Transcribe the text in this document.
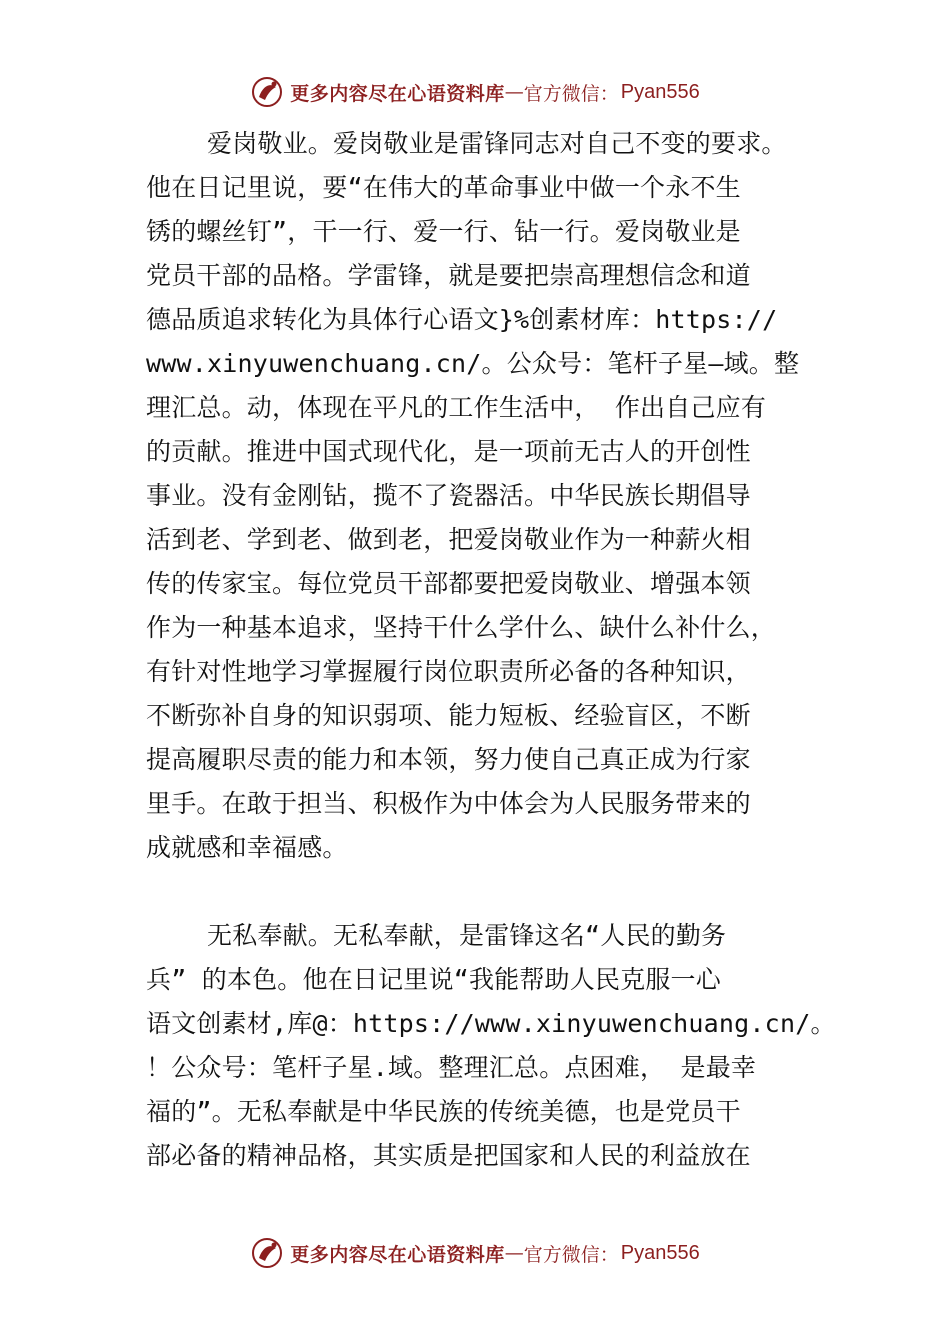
更多内容尽在心语资料库 — 官方微信： Pyan556
爱岗敬业。爱岗敬业是雷锋同志对自己不变的要求。
他在日记里说，要“在伟大的革命事业中做一个永不生
锈的螺丝钉”，干一行、爱一行、钻一行。爱岗敬业是
党员干部的品格。学雷锋，就是要把崇高理想信念和道
德品质追求转化为具体行心语文}%创素材库：https://
www.xinyuwenchuang.cn/。公众号：笔杆子星—域。整
理汇总。动，体现在平凡的工作生活中， 作出自己应有
的贡献。推进中国式现代化，是一项前无古人的开创性
事业。没有金刚钻，揽不了瓷器活。中华民族长期倡导
活到老、学到老、做到老，把爱岗敬业作为一种薪火相
传的传家宝。每位党员干部都要把爱岗敬业、增强本领
作为一种基本追求，坚持干什么学什么、缺什么补什么，
有针对性地学习掌握履行岗位职责所必备的各种知识，
不断弥补自身的知识弱项、能力短板、经验盲区，不断
提高履职尽责的能力和本领，努力使自己真正成为行家
里手。在敢于担当、积极作为中体会为人民服务带来的
成就感和幸福感。
无私奉献。无私奉献，是雷锋这名“人民的勤务
兵” 的本色。他在日记里说“我能帮助人民克服一心
语文创素材,库@：https://www.xinyuwenchuang.cn/。
！公众号：笔杆子星.域。整理汇总。点困难， 是最幸
福的”。无私奉献是中华民族的传统美德，也是党员干
部必备的精神品格，其实质是把国家和人民的利益放在
更多内容尽在心语资料库 — 官方微信： Pyan556
